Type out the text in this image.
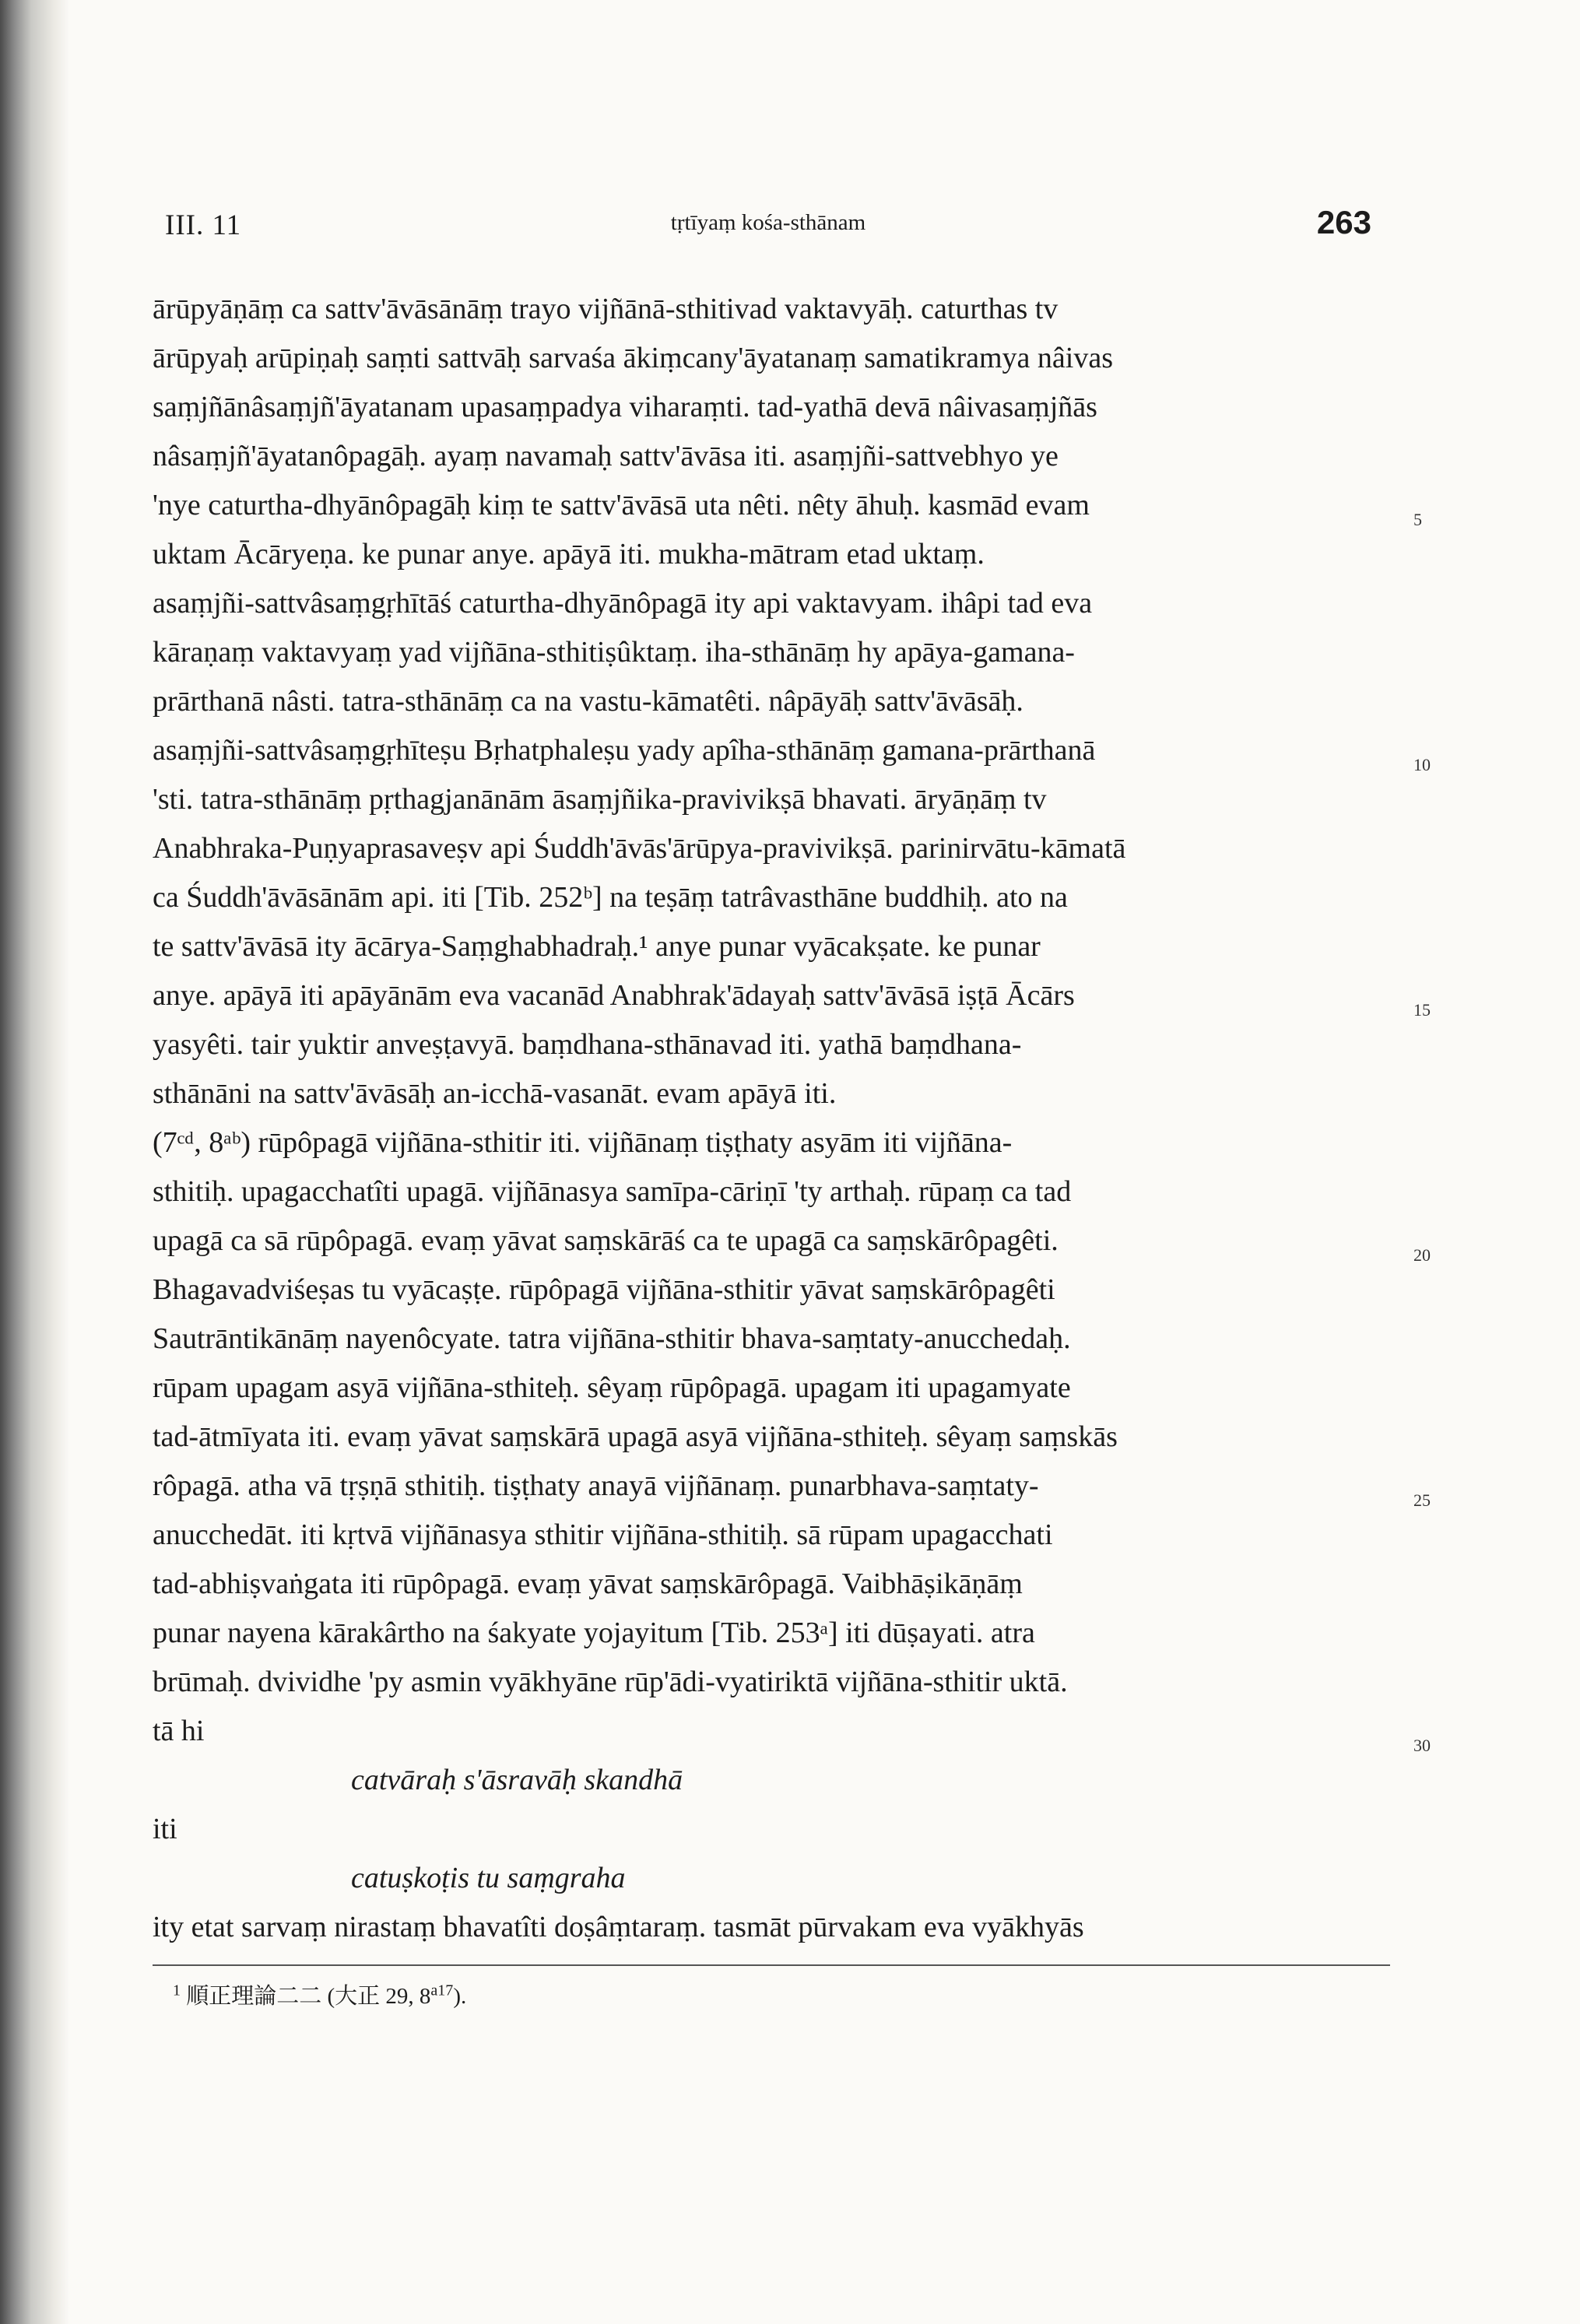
III. 11	tṛtīyaṃ kośa-sthānam	263
ārūpyāṇāṃ ca sattv'āvāsānāṃ trayo vijñānā-sthitivad vaktavyāḥ. caturthas tv
ārūpyaḥ arūpiṇaḥ saṃti sattvāḥ sarvaśa ākiṃcany'āyatanaṃ samatikramya nâivas
saṃjñānâsaṃjñ'āyatanam upasaṃpadya viharaṃti. tad-yathā devā nâivasaṃjñās
nâsaṃjñ'āyatanôpagāḥ. ayaṃ navamaḥ sattv'āvāsa iti. asaṃjñi-sattvebhyo ye
'nye caturtha-dhyānôpagāḥ kiṃ te sattv'āvāsā uta nêti. nêty āhuḥ. kasmād evam	5
uktam Ācāryeṇa. ke punar anye. apāyā iti. mukha-mātram etad uktaṃ.
asaṃjñi-sattvâsaṃgṛhītāś caturtha-dhyānôpagā ity api vaktavyam. ihâpi tad eva
kāraṇaṃ vaktavyaṃ yad vijñāna-sthitiṣûktaṃ. iha-sthānāṃ hy apāya-gamana-
prārthanā nâsti. tatra-sthānāṃ ca na vastu-kāmatêti. nâpāyāḥ sattv'āvāsāḥ.
asaṃjñi-sattvâsaṃgṛhīteṣu Bṛhatphaleṣu yady apîha-sthānāṃ gamana-prārthanā	10
'sti. tatra-sthānāṃ pṛthagjanānām āsaṃjñika-pravivikṣā bhavati. āryāṇāṃ tv
Anabhraka-Puṇyaprasaveṣv api Śuddh'āvās'ārūpya-pravivikṣā. parinirvātu-kāmatā
ca Śuddh'āvāsānām api. iti [Tib. 252ᵇ] na teṣāṃ tatrâvasthāne buddhiḥ. ato na
te sattv'āvāsā ity ācārya-Saṃghabhadraḥ.¹ anye punar vyācakṣate. ke punar
anye. apāyā iti apāyānām eva vacanād Anabhrak'ādayaḥ sattv'āvāsā iṣṭā Ācārs	15
yasyêti. tair yuktir anveṣṭavyā. baṃdhana-sthānavad iti. yathā baṃdhana-
sthānāni na sattv'āvāsāḥ an-icchā-vasanāt. evam apāyā iti.
(7ᶜᵈ, 8ᵃᵇ) rūpôpagā vijñāna-sthitir iti. vijñānaṃ tiṣṭhaty asyām iti vijñāna-
sthitiḥ. upagacchatîti upagā. vijñānasya samīpa-cāriṇī 'ty arthaḥ. rūpaṃ ca tad
upagā ca sā rūpôpagā. evaṃ yāvat saṃskārāś ca te upagā ca saṃskārôpagêti.	20
Bhagavadviśeṣas tu vyācaṣṭe. rūpôpagā vijñāna-sthitir yāvat saṃskārôpagêti
Sautrāntikānāṃ nayenôcyate. tatra vijñāna-sthitir bhava-saṃtaty-anucchedaḥ.
rūpam upagam asyā vijñāna-sthiteḥ. sêyaṃ rūpôpagā. upagam iti upagamyate
tad-ātmīyata iti. evaṃ yāvat saṃskārā upagā asyā vijñāna-sthiteḥ. sêyaṃ saṃskās
rôpagā. atha vā tṛṣṇā sthitiḥ. tiṣṭhaty anayā vijñānaṃ. punarbhava-saṃtaty-	25
anucchedāt. iti kṛtvā vijñānasya sthitir vijñāna-sthitiḥ. sā rūpam upagacchati
tad-abhiṣvaṅgata iti rūpôpagā. evaṃ yāvat saṃskārôpagā. Vaibhāṣikāṇāṃ
punar nayena kārakârtho na śakyate yojayitum [Tib. 253ᵃ] iti dūṣayati. atra
brūmaḥ. dvividhe 'py asmin vyākhyāne rūp'ādi-vyatiriktā vijñāna-sthitir uktā.
tā hi	30
catvāraḥ s'āsravāḥ skandhā
iti
catuṣkoṭis tu saṃgraha
ity etat sarvaṃ nirastaṃ bhavatîti doṣâṃtaraṃ. tasmāt pūrvakam eva vyākhyās
$^1$ 順正理論二二 (大正 29, $8^{a17}$).
